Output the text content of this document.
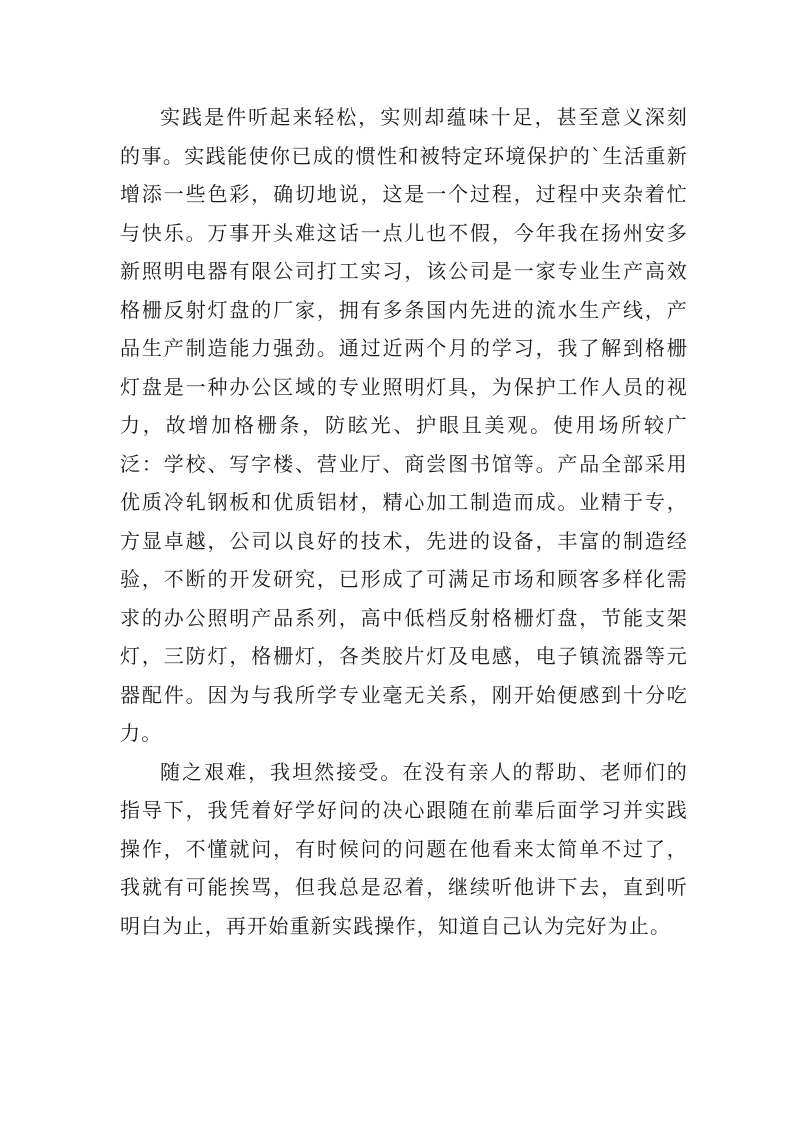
实践是件听起来轻松，实则却蕴味十足，甚至意义深刻的事。实践能使你已成的惯性和被特定环境保护的`生活重新增添一些色彩，确切地说，这是一个过程，过程中夹杂着忙与快乐。万事开头难这话一点儿也不假，今年我在扬州安多新照明电器有限公司打工实习，该公司是一家专业生产高效格栅反射灯盘的厂家，拥有多条国内先进的流水生产线，产品生产制造能力强劲。通过近两个月的学习，我了解到格栅灯盘是一种办公区域的专业照明灯具，为保护工作人员的视力，故增加格栅条，防眩光、护眼且美观。使用场所较广泛：学校、写字楼、营业厅、商尝图书馆等。产品全部采用优质冷轧钢板和优质铝材，精心加工制造而成。业精于专，方显卓越，公司以良好的技术，先进的设备，丰富的制造经验，不断的开发研究，已形成了可满足市场和顾客多样化需求的办公照明产品系列，高中低档反射格栅灯盘，节能支架灯，三防灯，格栅灯，各类胶片灯及电感，电子镇流器等元器配件。因为与我所学专业毫无关系，刚开始便感到十分吃力。

随之艰难，我坦然接受。在没有亲人的帮助、老师们的指导下，我凭着好学好问的决心跟随在前辈后面学习并实践操作，不懂就问，有时候问的问题在他看来太简单不过了，我就有可能挨骂，但我总是忍着，继续听他讲下去，直到听明白为止，再开始重新实践操作，知道自己认为完好为止。
